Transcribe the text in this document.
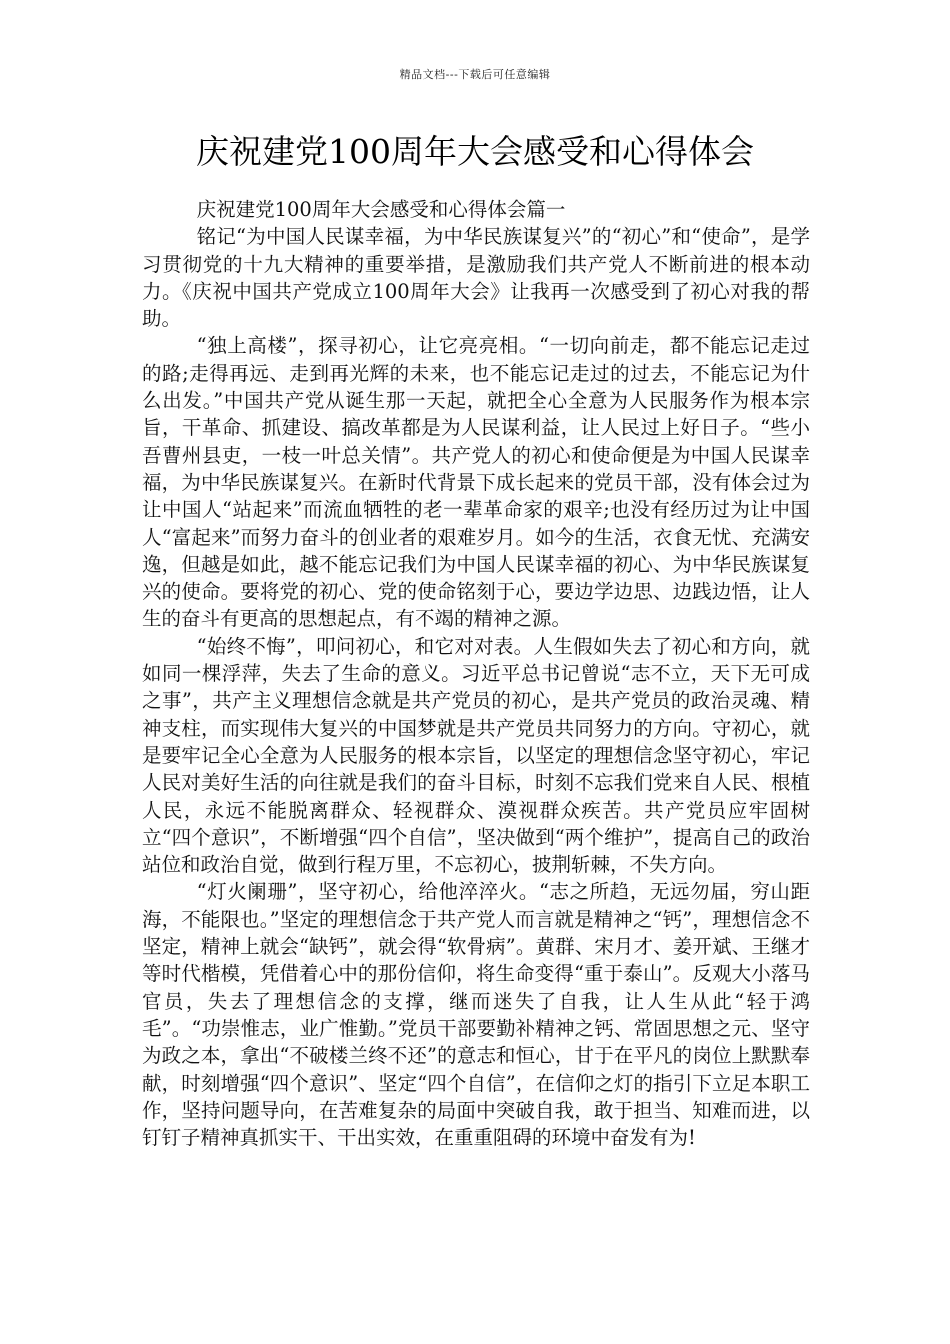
精品文档---下载后可任意编辑
庆祝建党100周年大会感受和心得体会

庆祝建党100周年大会感受和心得体会篇一

铭记“为中国人民谋幸福，为中华民族谋复兴”的“初心”和“使命”，是学习贯彻党的十九大精神的重要举措，是激励我们共产党人不断前进的根本动力。《庆祝中国共产党成立100周年大会》让我再一次感受到了初心对我的帮助。

“独上高楼”，探寻初心，让它亮亮相。“一切向前走，都不能忘记走过的路;走得再远、走到再光辉的未来，也不能忘记走过的过去，不能忘记为什么出发。”中国共产党从诞生那一天起，就把全心全意为人民服务作为根本宗旨，干革命、抓建设、搞改革都是为人民谋利益，让人民过上好日子。“些小吾曹州县吏，一枝一叶总关情”。共产党人的初心和使命便是为中国人民谋幸福，为中华民族谋复兴。在新时代背景下成长起来的党员干部，没有体会过为让中国人“站起来”而流血牺牲的老一辈革命家的艰辛;也没有经历过为让中国人“富起来”而努力奋斗的创业者的艰难岁月。如今的生活，衣食无忧、充满安逸，但越是如此，越不能忘记我们为中国人民谋幸福的初心、为中华民族谋复兴的使命。要将党的初心、党的使命铭刻于心，要边学边思、边践边悟，让人生的奋斗有更高的思想起点，有不竭的精神之源。

“始终不悔”，叩问初心，和它对对表。人生假如失去了初心和方向，就如同一棵浮萍，失去了生命的意义。习近平总书记曾说“志不立，天下无可成之事”，共产主义理想信念就是共产党员的初心，是共产党员的政治灵魂、精神支柱，而实现伟大复兴的中国梦就是共产党员共同努力的方向。守初心，就是要牢记全心全意为人民服务的根本宗旨，以坚定的理想信念坚守初心，牢记人民对美好生活的向往就是我们的奋斗目标，时刻不忘我们党来自人民、根植人民，永远不能脱离群众、轻视群众、漠视群众疾苦。共产党员应牢固树立“四个意识”，不断增强“四个自信”，坚决做到“两个维护”，提高自己的政治站位和政治自觉，做到行程万里，不忘初心，披荆斩棘，不失方向。

“灯火阑珊”，坚守初心，给他淬淬火。“志之所趋，无远勿届，穷山距海，不能限也。”坚定的理想信念于共产党人而言就是精神之“钙”，理想信念不坚定，精神上就会“缺钙”，就会得“软骨病”。黄群、宋月才、姜开斌、王继才等时代楷模，凭借着心中的那份信仰，将生命变得“重于泰山”。反观大小落马官员，失去了理想信念的支撑，继而迷失了自我，让人生从此“轻于鸿毛”。“功崇惟志，业广惟勤。”党员干部要勤补精神之钙、常固思想之元、坚守为政之本，拿出“不破楼兰终不还”的意志和恒心，甘于在平凡的岗位上默默奉献，时刻增强“四个意识”、坚定“四个自信”，在信仰之灯的指引下立足本职工作，坚持问题导向，在苦难复杂的局面中突破自我，敢于担当、知难而进，以钉钉子精神真抓实干、干出实效，在重重阻碍的环境中奋发有为!
